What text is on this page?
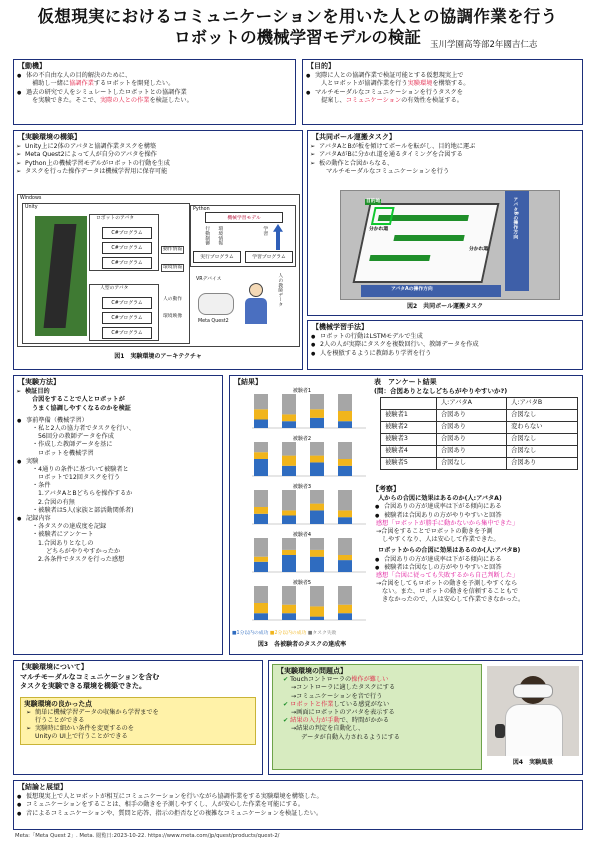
仮想現実におけるコミュニケーションを用いた人との協調作業を行う
ロボットの機械学習モデルの検証	玉川学園高等部2年國吉仁志
【動機】
● 体の不自由な人の目的解決のために、
補助し一緒に協調作業するロボットを開発したい。
● 過去の研究で人をシミュレートしたロボットとの協調作業
を実験できた。そこで、実際の人との作業を検証したい。
【目的】
● 実際に人との協調作業で検証可能とする仮想現実上で
人とロボットが協調作業を行う実験環境を構築する。
● マルチモーダルなコミュニケーションを行うタスクを
提案し、コミュニケーションの有効性を検証する。
【実験環境の構築】
➢ Unity上に2体のアバタと協調作業タスクを構築
➢ Meta Quest2によって人が自分のアバタを操作
➢ Python上の機械学習モデルがロボットの行動を生成
➢ タスクを行った操作データは機械学習用に保存可能
Windows
Unity
ロボットのアバタ
C#プログラム
C#プログラム
C#プログラム
人型のアバタ
C#プログラム
C#プログラム
C#プログラム
動作情報
環境情報
人の動作
環境映像
Python
機械学習モデル
実行プログラム	学習プログラム
行動制御 環境情報	学習
VRデバイス
Meta Quest2
人の教師データ
図1　実験環境のアーキテクチャ
【共同ボール運搬タスク】
➢ アバタAとBが板を傾けてボールを転がし、目的地に運ぶ
➢ アバタAがBに分かれ道を通るタイミングを合図する
➢ 板の動作と合図からなる、
マルチモーダルなコミュニケーションを行う
目的地
分かれ道
分かれ道
アバタBの操作方向
アバタAの操作方向
図2　共同ボール運搬タスク
【機械学習手法】
● ロボットの行動はLSTMモデルで生成
● 2人の人が実際にタスクを複数回行い、教師データを作成
● 人を模倣するように教師あり学習を行う
【実験方法】
➢ 検証目的
合図をすることで人とロボットが
うまく協調しやすくなるのかを検証
● 事前準備（機械学習）
・私と2人の協力者でタスクを行い、
56回分の教師データを作成
・作成した教師データを基に
ロボットを機械学習
● 実験
・4通りの条件に基づいて被験者と
ロボットで12回タスクを行う
・条件
1.アバタAとBどちらを操作するか
2.合図の有無
・被験者は5人(家族と部活動関係者)
● 記録内容
・各タスクの達成度を記録
・被験者にアンケート
1.合図ありとなしの
どちらがやりやすかったか
2.各条件でタスクを行った感想
【結果】
被験者1
被験者2
被験者3
被験者4
被験者5
■1分以内の成功 ■2分以内の成功 ■タスク失敗
図3　各被験者のタスクの達成率
表　アンケート結果
(問：合図ありとなしどちらがやりやすいか?)
	人:アバタA	人:アバタB
被験者1	合図あり	合図なし
被験者2	合図あり	変わらない
被験者3	合図あり	合図なし
被験者4	合図あり	合図なし
被験者5	合図なし	合図あり
【考察】
人からの合図に効果はあるのか(人:アバタA)
● 合図ありの方が達成率は下がる傾向にある
● 被験者は合図ありの方がやりやすいと回答
感想「ロボットが勝手に動かないから集中できた」
→合図をすることでロボットの動きを予測
しやすくなり、人は安心して作業できた。
ロボットからの合図に効果はあるのか(人:アバタB)
● 合図ありの方が達成率は下がる傾向にある
● 被験者は合図なしの方がやりやすいと回答
感想「合図に従っても失敗するから自己判断した」
→合図をしてもロボットの動きを予測しやすくなら
ない。また、ロボットの動きを信頼することもで
きなかったので、人は安心して作業できなかった。
【実験環境について】
マルチモーダルなコミュニケーションを含む
タスクを実験できる環境を構築できた。
実験環境の良かった点
➢ 簡単に機械学習データの収集から学習までを
行うことができる
➢ 実験時に細かい条件を変更するのを
Unityの UI上で行うことができる
【実験環境の問題点】
✔ Touchコントローラの操作が難しい
→コントローラに適したタスクにする
→コミュニケーションを音で行う
✔ ロボットと作業している感覚がない
→画面にロボットのアバタを表示する
✔ 結果の入力が手動で、時間がかかる
→結果の判定を自動化し、
データが自動入力されるようにする
図4　実験風景
【結論と展望】
● 仮想現実上で人とロボットが相互にコミュニケーションを行いながら協調作業をする実験環境を構築した。
● コミュニケーションをすることは、相手の動きを予測しやすくし、人が安心した作業を可能にする。
● 音によるコミュニケーションや、質問と応答、指示の拒否などの複雑なコミュニケーションを検証したい。
Meta:「Meta Quest 2」. Meta. 閲覧日:2023-10-22. https://www.meta.com/jp/quest/products/quest-2/
